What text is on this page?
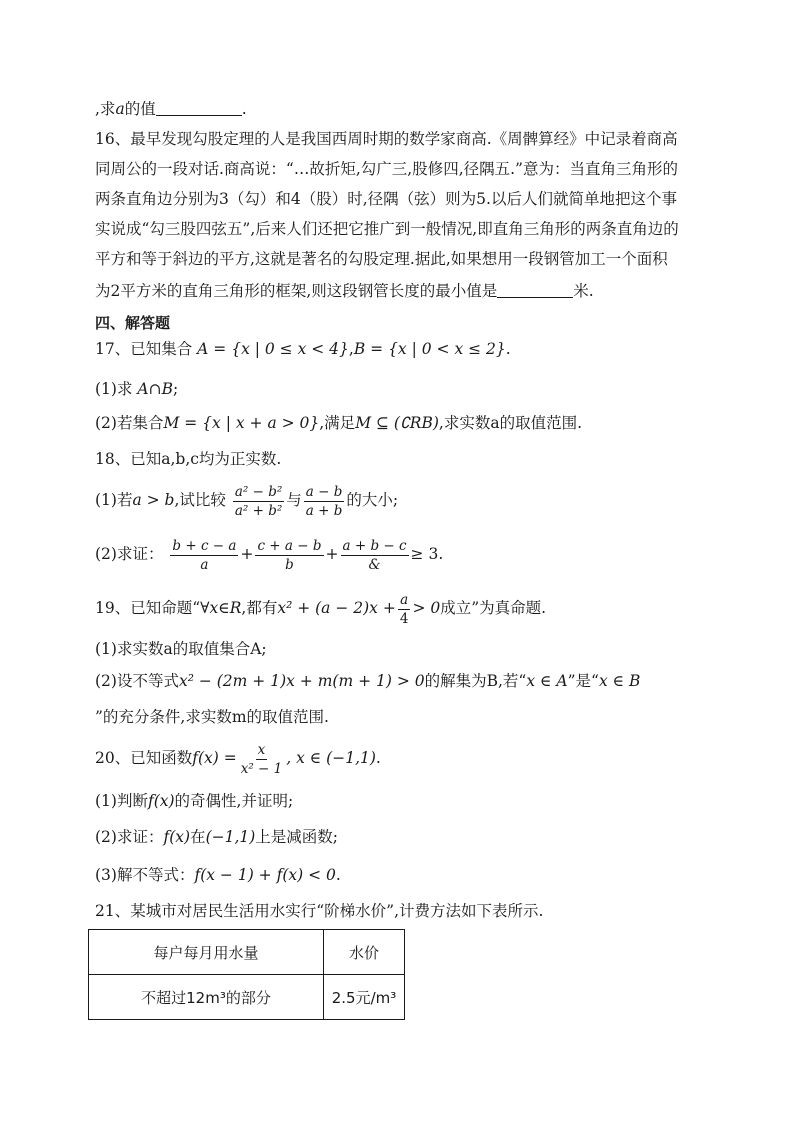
,求a的值	.
16、最早发现勾股定理的人是我国西周时期的数学家商高.《周髀算经》中记录着商高
同周公的一段对话.商高说：“…故折矩,勾广三,股修四,径隅五.”意为：当直角三角形的
两条直角边分别为3（勾）和4（股）时,径隅（弦）则为5.以后人们就简单地把这个事
实说成“勾三股四弦五”,后来人们还把它推广到一般情况,即直角三角形的两条直角边的
平方和等于斜边的平方,这就是著名的勾股定理.据此,如果想用一段钢管加工一个面积
为2平方米的直角三角形的框架,则这段钢管长度的最小值是	米.
四、解答题
17、已知集合 A = {x | 0 ≤ x < 4},B = {x | 0 < x ≤ 2}.
(1)求 A∩B;
(2)若集合M = {x | x + a > 0},满足M ⊆ (∁RB),求实数a的取值范围.
18、已知a,b,c均为正实数.
(1)若a > b,试比较 $\frac{\text{a² − b²}}{\text{a² + b²}}$ 与 $\frac{a - b}{a + b}$ 的大小;
(2)求证： $\frac{b + c - a}{a} + \frac{c + a - b}{b} + \frac{a + b - c}{\&} \ge 3$.
19、已知命题“∀x∈R,都有$x^2 + (a - 2)x + \frac{a}{4} > 0$成立”为真命题.
(1)求实数a的取值集合A;
(2)设不等式x² − (2m + 1)x + m(m + 1) > 0的解集为B,若“x ∈ A”是“x ∈ B
”的充分条件,求实数m的取值范围.
20、已知函数$f(x) = \frac{x}{\text{x² − 1}}$ , x ∈ (−1,1).
(1)判断f(x)的奇偶性,并证明;
(2)求证：f(x)在(−1,1)上是减函数;
(3)解不等式：f(x − 1) + f(x) < 0.
21、某城市对居民生活用水实行“阶梯水价”,计费方法如下表所示.
每户每月用水量	水价
不超过12m³的部分	2.5元/m³
